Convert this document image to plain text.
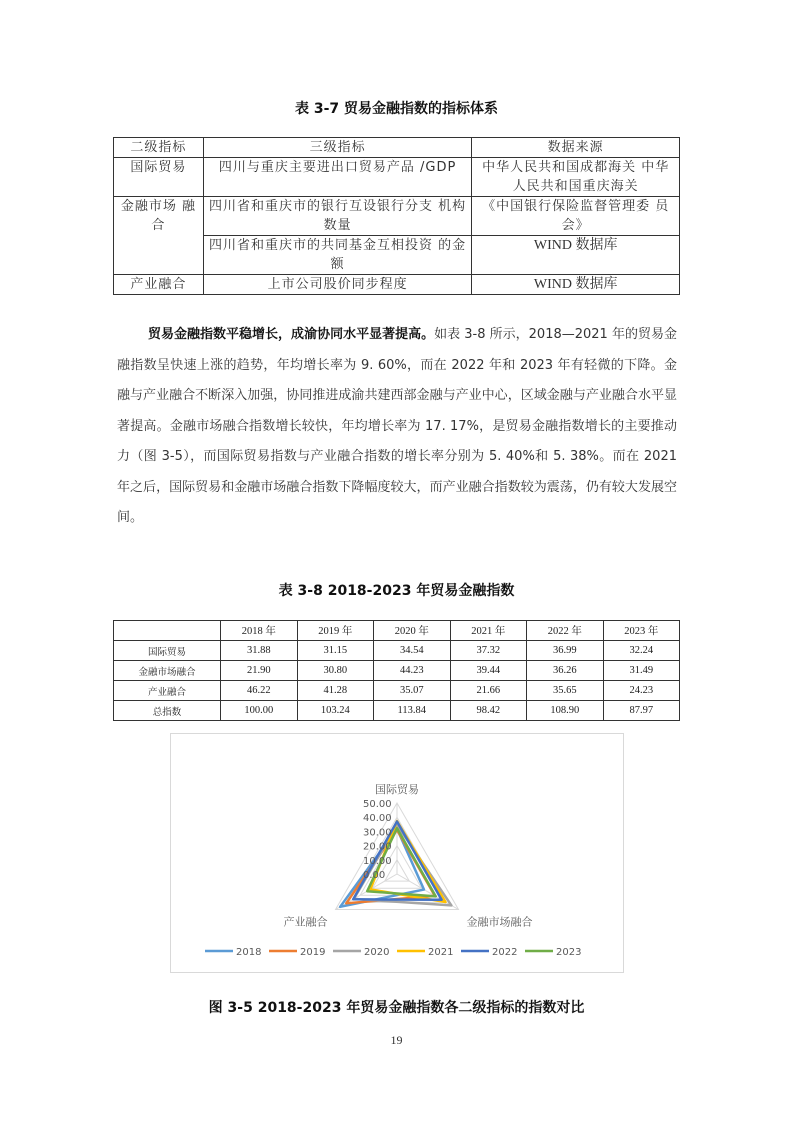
表 3-7 贸易金融指数的指标体系
二级指标	三级指标	数据来源
国际贸易	四川与重庆主要进出口贸易产品 /GDP	中华人民共和国成都海关 中华人民共和国重庆海关
金融市场 融合	四川省和重庆市的银行互设银行分支 机构数量	《中国银行保险监督管理委 员会》
	四川省和重庆市的共同基金互相投资 的金额	WIND 数据库
产业融合	上市公司股价同步程度	WIND 数据库
贸易金融指数平稳增长，成渝协同水平显著提高。如表 3-8 所示，2018—2021 年的贸易金融指数呈快速上涨的趋势，年均增长率为 9. 60%，而在 2022 年和 2023 年有轻微的下降。金融与产业融合不断深入加强，协同推进成渝共建西部金融与产业中心，区域金融与产业融合水平显著提高。金融市场融合指数增长较快，年均增长率为 17. 17%，是贸易金融指数增长的主要推动力（图 3-5），而国际贸易指数与产业融合指数的增长率分别为 5. 40%和 5. 38%。而在 2021 年之后，国际贸易和金融市场融合指数下降幅度较大，而产业融合指数较为震荡，仍有较大发展空间。
表 3-8 2018-2023 年贸易金融指数
	2018 年	2019 年	2020 年	2021 年	2022 年	2023 年
国际贸易	31.88	31.15	34.54	37.32	36.99	32.24
金融市场融合	21.90	30.80	44.23	39.44	36.26	31.49
产业融合	46.22	41.28	35.07	21.66	35.65	24.23
总指数	100.00	103.24	113.84	98.42	108.90	87.97
0.00
10.00
20.00
30.00
40.00
50.00
国际贸易
金融市场融合
产业融合
2018	2019	2020	2021	2022	2023
图 3-5 2018-2023 年贸易金融指数各二级指标的指数对比
19
